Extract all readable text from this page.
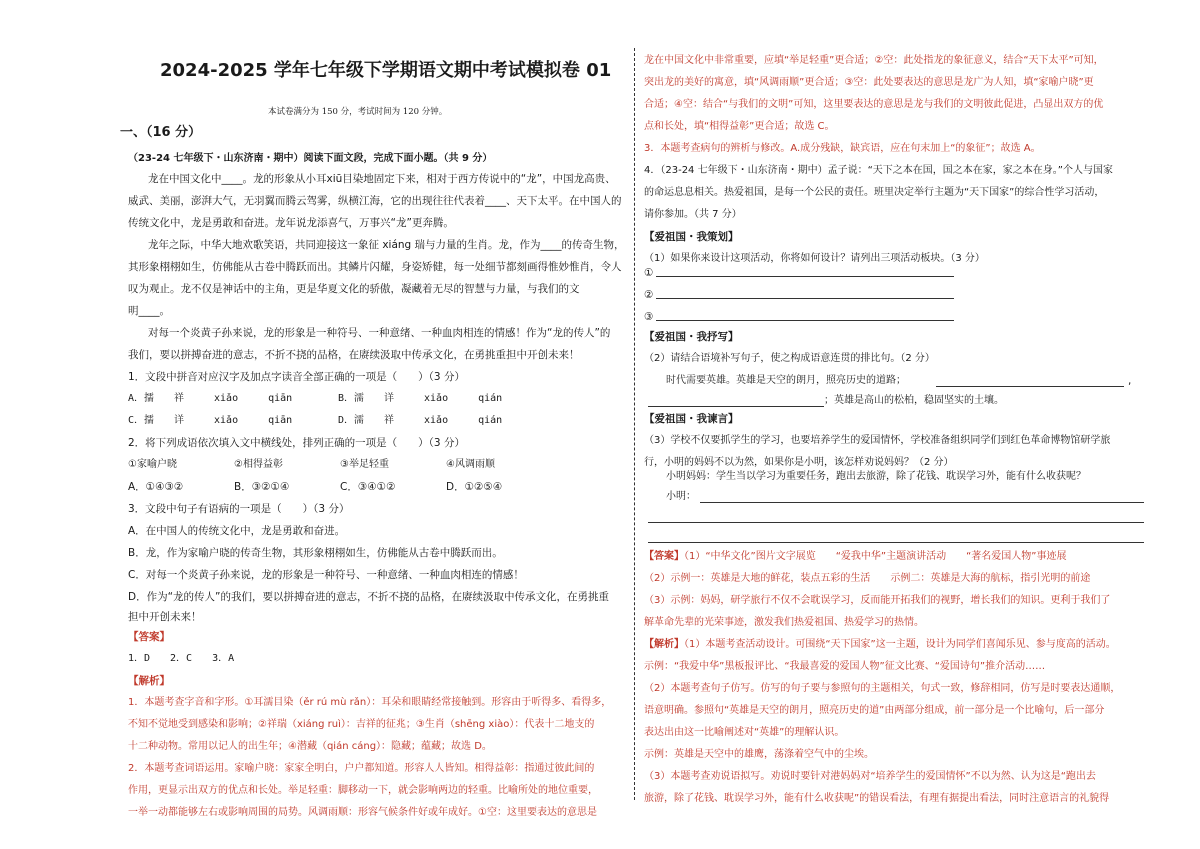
2024-2025 学年七年级下学期语文期中考试模拟卷 01
本试卷满分为 150 分，考试时间为 120 分钟。
一、（16 分）
（23-24 七年级下・山东济南・期中）阅读下面文段，完成下面小题。（共 9 分）
龙在中国文化中____。龙的形象从小耳xiū目染地固定下来，相对于西方传说中的“龙”，中国龙高贵、
威武、美丽，澎湃大气，无羽翼而腾云驾雾，纵横江海，它的出现往往代表着____、天下太平。在中国人的
传统文化中，龙是勇敢和奋进。龙年说龙添喜气，万事兴“龙”更奔腾。
龙年之际，中华大地欢歌笑语，共同迎接这一象征 xiáng 瑞与力量的生肖。龙，作为____的传奇生物，
其形象栩栩如生，仿佛能从古卷中腾跃而出。其鳞片闪耀，身姿矫健，每一处细节都刻画得惟妙惟肖，令人
叹为观止。龙不仅是神话中的主角，更是华夏文化的骄傲，凝藏着无尽的智慧与力量，与我们的文
明____。
对每一个炎黄子孙来说，龙的形象是一种符号、一种意绪、一种血肉相连的情感！作为“龙的传人”的
我们，要以拼搏奋进的意志，不折不挠的品格，在赓续汲取中传承文化，在勇挑重担中开创未来！
1．文段中拼音对应汉字及加点字读音全部正确的一项是（　　）（3 分）
A．擩　　祥　　　xiǎo　　　qiān	B．濡　　详　　　xiǎo　　　qián
C．擩　　详　　　xiǎo　　　qiān	D．濡　　祥　　　xiǎo　　　qián
2．将下列成语依次填入文中横线处，排列正确的一项是（　　）（3 分）
①家喻户晓	②相得益彰	③举足轻重	④风调雨顺
A．①④③②	B．③②①④	C．③④①②	D．①②⑤④
3．文段中句子有语病的一项是（　　）（3 分）
A．在中国人的传统文化中，龙是勇敢和奋进。
B．龙，作为家喻户晓的传奇生物，其形象栩栩如生，仿佛能从古卷中腾跃而出。
C．对每一个炎黄子孙来说，龙的形象是一种符号、一种意绪、一种血肉相连的情感！
D．作为“龙的传人”的我们，要以拼搏奋进的意志，不折不挠的品格，在赓续汲取中传承文化，在勇挑重
担中开创未来！
【答案】
1．D　　2．C　　3．A
【解析】
1．本题考查字音和字形。①耳濡目染（ěr rú mù rǎn）：耳朵和眼睛经常接触到。形容由于听得多、看得多，
不知不觉地受到感染和影响；②祥瑞（xiáng ruì）：吉祥的征兆；③生肖（shēng xiào）：代表十二地支的
十二种动物。常用以记人的出生年；④潜藏（qián cáng）：隐藏；蕴藏；故选 D。
2．本题考查词语运用。家喻户晓：家家全明白，户户都知道。形容人人皆知。相得益彰：指通过彼此间的
作用，更显示出双方的优点和长处。举足轻重：脚移动一下，就会影响两边的轻重。比喻所处的地位重要，
一举一动都能够左右或影响周围的局势。风调雨顺：形容气候条件好或年成好。①空：这里要表达的意思是
龙在中国文化中非常重要，应填“举足轻重”更合适；②空：此处指龙的象征意义，结合“天下太平”可知，
突出龙的美好的寓意，填“风调雨顺”更合适；③空：此处要表达的意思是龙广为人知，填“家喻户晓”更
合适；④空：结合“与我们的文明”可知，这里要表达的意思是龙与我们的文明彼此促进，凸显出双方的优
点和长处，填“相得益彰”更合适；故选 C。
3．本题考查病句的辨析与修改。A.成分残缺，缺宾语，应在句末加上“的象征”；故选 A。
4．（23-24 七年级下・山东济南・期中）孟子说：“天下之本在国，国之本在家，家之本在身。”个人与国家
的命运息息相关。热爱祖国，是每一个公民的责任。班里决定举行主题为“天下国家”的综合性学习活动，
请你参加。（共 7 分）
【爱祖国・我策划】
（1）如果你来设计这项活动，你将如何设计？请列出三项活动板块。（3 分）
①
②
③
【爱祖国・我抒写】
（2）请结合语境补写句子，使之构成语意连贯的排比句。（2 分）
时代需要英雄。英雄是天空的朗月，照亮历史的道路；	,
；英雄是高山的松柏，稳固坚实的土壤。
【爱祖国・我谏言】
（3）学校不仅要抓学生的学习，也要培养学生的爱国情怀，学校准备组织同学们到红色革命博物馆研学旅
行，小明的妈妈不以为然，如果你是小明，该怎样劝说妈妈？（2 分）
小明妈妈：学生当以学习为重要任务，跑出去旅游，除了花钱、耽误学习外，能有什么收获呢？
小明：
【答案】（1）“中华文化”图片文字展览　　“爱我中华”主题演讲活动　　“著名爱国人物”事迹展
（2）示例一：英雄是大地的鲜花，装点五彩的生活　　示例二：英雄是大海的航标，指引光明的前途
（3）示例：妈妈，研学旅行不仅不会耽误学习，反而能开拓我们的视野，增长我们的知识。更利于我们了
解革命先辈的光荣事迹，激发我们热爱祖国、热爱学习的热情。
【解析】（1）本题考查活动设计。可围绕“天下国家”这一主题，设计为同学们喜闻乐见、参与度高的活动。
示例：“我爱中华”黑板报评比、“我最喜爱的爱国人物”征文比赛、“爱国诗句”推介活动……
（2）本题考查句子仿写。仿写的句子要与参照句的主题相关，句式一致，修辞相同，仿写是时要表达通顺，
语意明确。参照句“英雄是天空的朗月，照亮历史的道”由两部分组成，前一部分是一个比喻句，后一部分
表达出由这一比喻阐述对“英雄”的理解认识。
示例：英雄是天空中的雄鹰，荡涤着空气中的尘埃。
（3）本题考查劝说语拟写。劝说时要针对港妈妈对“培养学生的爱国情怀”不以为然、认为这是“跑出去
旅游，除了花钱、耽误学习外，能有什么收获呢”的错误看法，有理有据提出看法，同时注意语言的礼貌得
